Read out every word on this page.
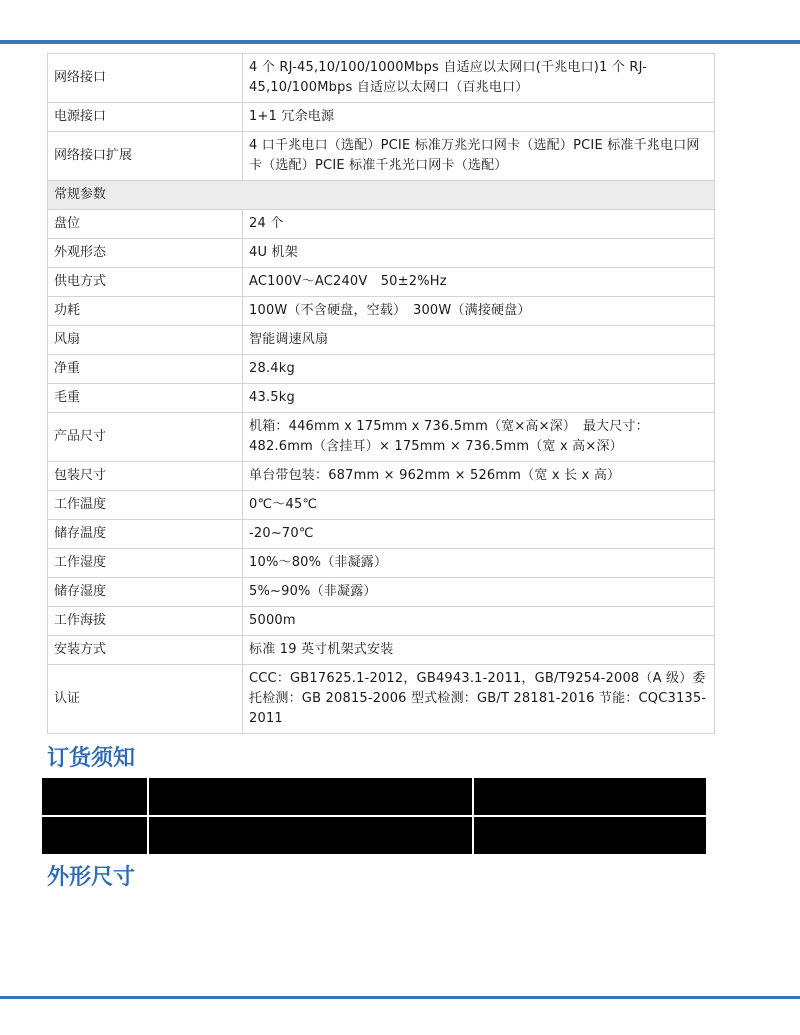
网络接口	4 个 RJ-45,10/100/1000Mbps 自适应以太网口(千兆电口)1 个 RJ-45,10/100Mbps 自适应以太网口（百兆电口）
电源接口	1+1 冗余电源
网络接口扩展	4 口千兆电口（选配）PCIE 标准万兆光口网卡（选配）PCIE 标准千兆电口网卡（选配）PCIE 标准千兆光口网卡（选配）
常规参数	
盘位	24 个
外观形态	4U 机架
供电方式	AC100V～AC240V　50±2%Hz
功耗	100W（不含硬盘，空载）　300W（满接硬盘）
风扇	智能调速风扇
净重	28.4kg
毛重	43.5kg
产品尺寸	机箱：446mm x 175mm x 736.5mm（宽×高×深）　最大尺寸：482.6mm（含挂耳）× 175mm × 736.5mm（宽 x 高×深）
包装尺寸	单台带包装：687mm × 962mm × 526mm（宽 x 长 x 高）
工作温度	0℃～45℃
储存温度	-20~70℃
工作湿度	10%～80%（非凝露）
储存湿度	5%~90%（非凝露）
工作海拔	5000m
安装方式	标准 19 英寸机架式安装
认证	CCC：GB17625.1-2012，GB4943.1-2011，GB/T9254-2008（A 级）委托检测：GB 20815-2006 型式检测：GB/T 28181-2016 节能：CQC3135-2011
订货须知

外形尺寸
